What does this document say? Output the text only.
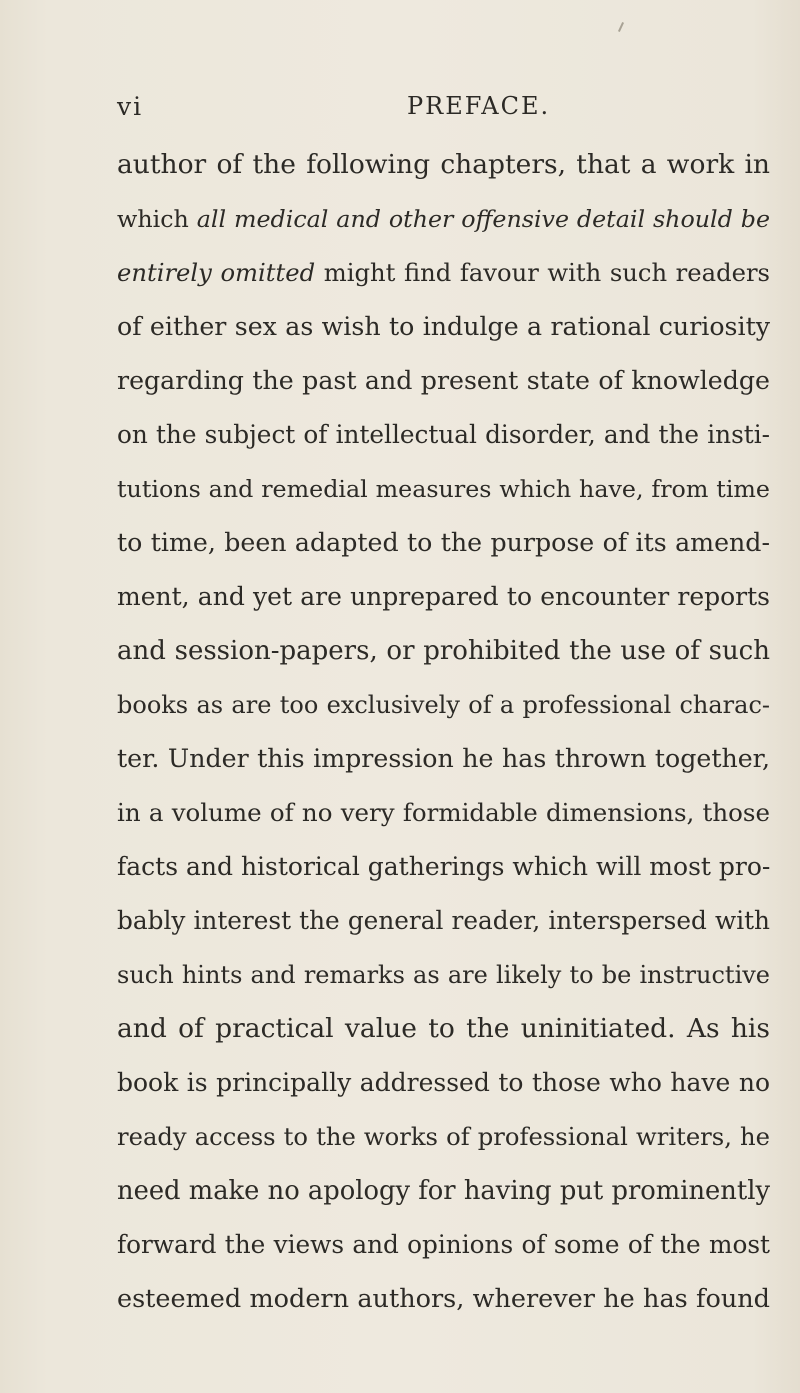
vi	PREFACE.
author of the following chapters, that a work in
which all medical and other offensive detail should be
entirely omitted might find favour with such readers
of either sex as wish to indulge a rational curiosity
regarding the past and present state of knowledge
on the subject of intellectual disorder, and the insti-
tutions and remedial measures which have, from time
to time, been adapted to the purpose of its amend-
ment, and yet are unprepared to encounter reports
and session-papers, or prohibited the use of such
books as are too exclusively of a professional charac-
ter. Under this impression he has thrown together,
in a volume of no very formidable dimensions, those
facts and historical gatherings which will most pro-
bably interest the general reader, interspersed with
such hints and remarks as are likely to be instructive
and of practical value to the uninitiated. As his
book is principally addressed to those who have no
ready access to the works of professional writers, he
need make no apology for having put prominently
forward the views and opinions of some of the most
esteemed modern authors, wherever he has found
